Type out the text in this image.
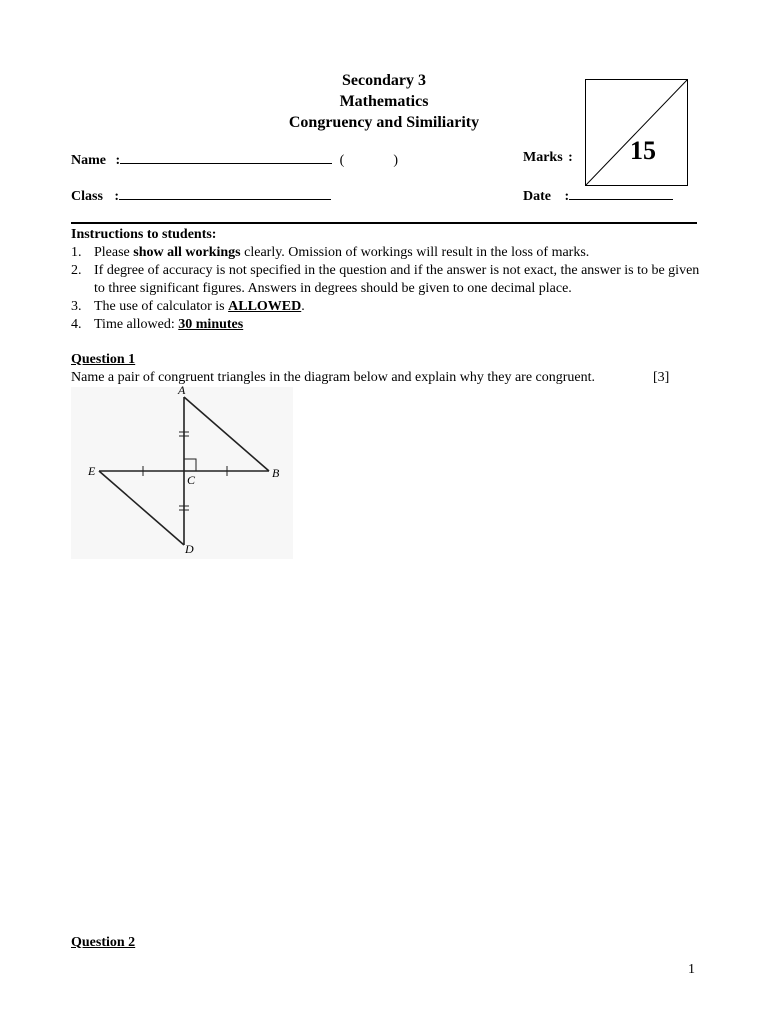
Secondary 3
Mathematics
Congruency and Similiarity
Name :	(	)
Class :
Marks : 15
Date :
Instructions to students:
1. Please show all workings clearly. Omission of workings will result in the loss of marks.
2. If degree of accuracy is not specified in the question and if the answer is not exact, the answer is to be given to three significant figures. Answers in degrees should be given to one decimal place.
3. The use of calculator is ALLOWED.
4. Time allowed: 30 minutes
Question 1
Name a pair of congruent triangles in the diagram below and explain why they are congruent.	[3]
A
B
C
D
E
Question 2
1
